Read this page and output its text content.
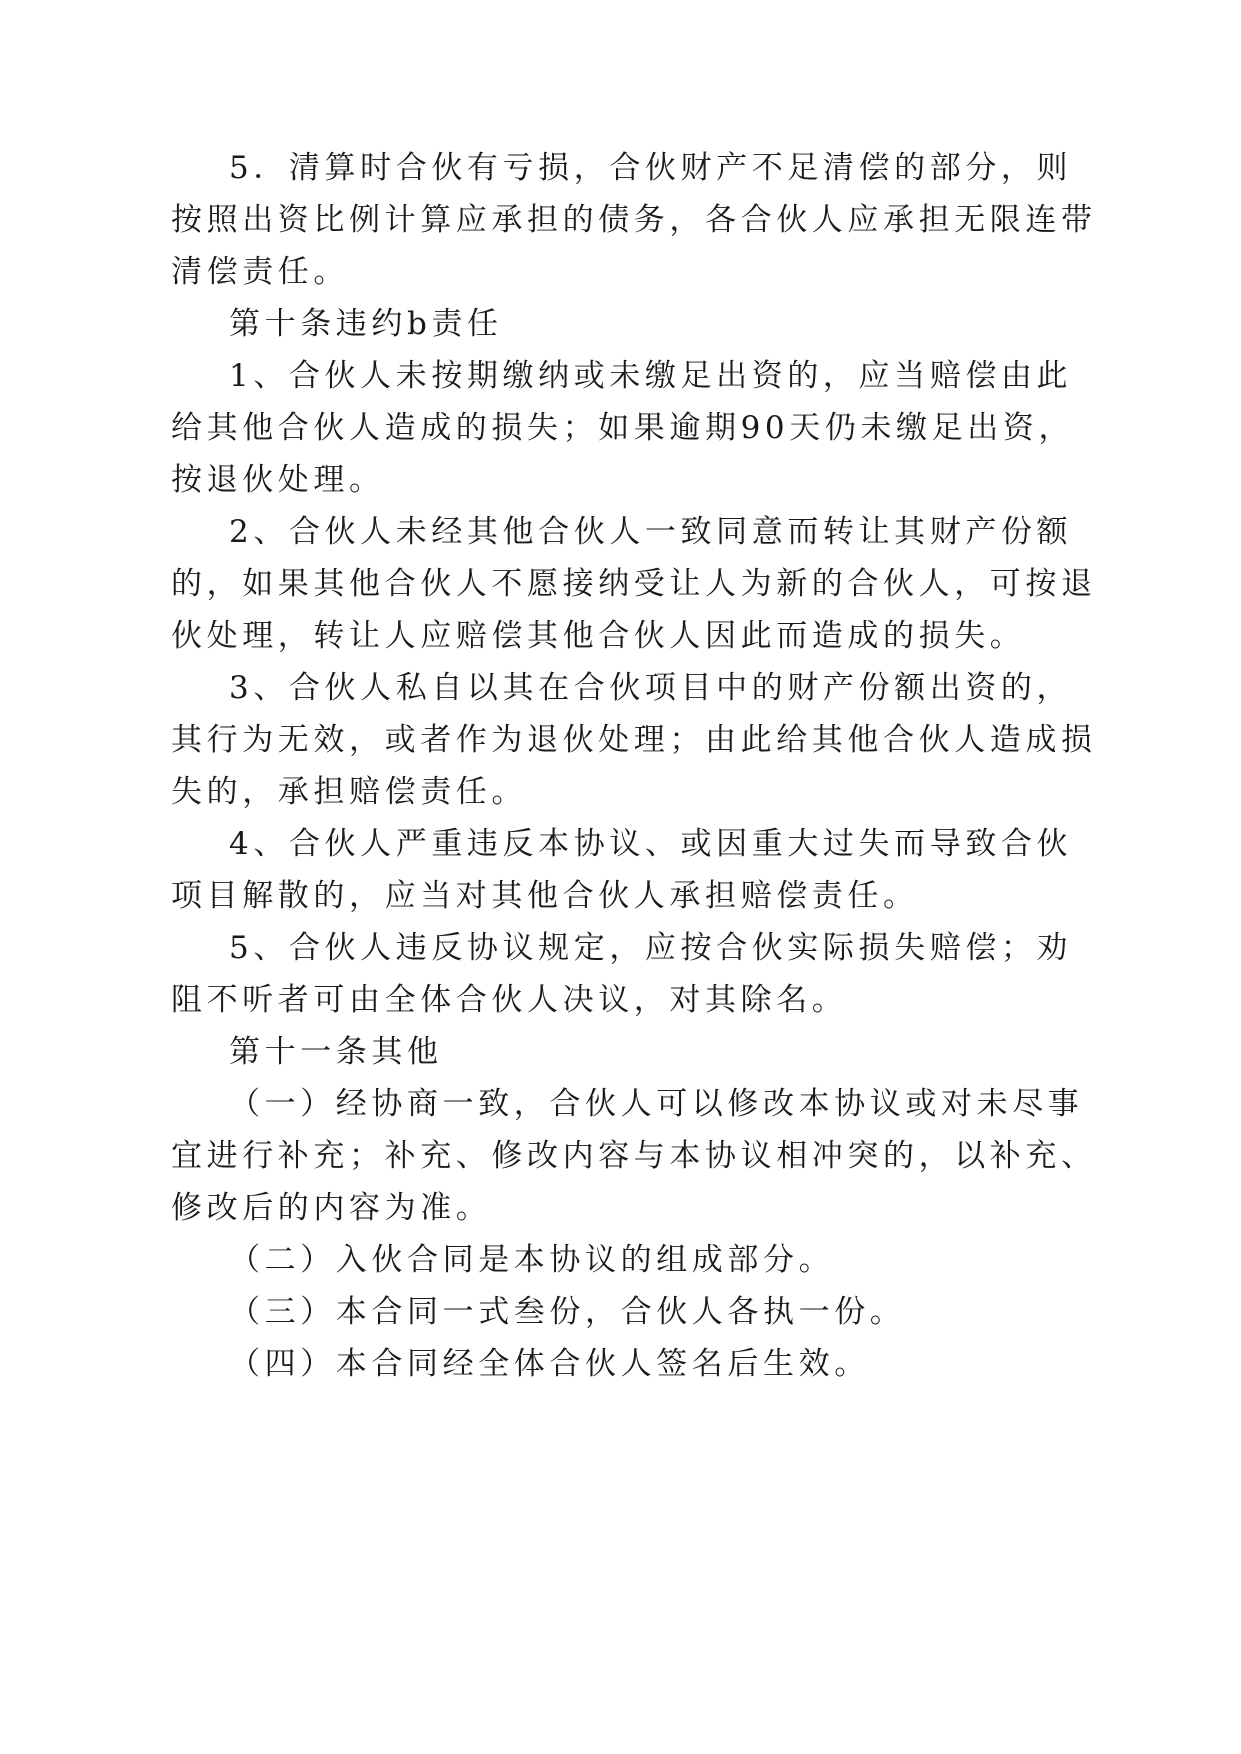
5．清算时合伙有亏损，合伙财产不足清偿的部分，则

按照出资比例计算应承担的债务，各合伙人应承担无限连带

清偿责任。

第十条违约b责任

1、合伙人未按期缴纳或未缴足出资的，应当赔偿由此

给其他合伙人造成的损失；如果逾期90天仍未缴足出资，

按退伙处理。

2、合伙人未经其他合伙人一致同意而转让其财产份额

的，如果其他合伙人不愿接纳受让人为新的合伙人，可按退

伙处理，转让人应赔偿其他合伙人因此而造成的损失。

3、合伙人私自以其在合伙项目中的财产份额出资的，

其行为无效，或者作为退伙处理；由此给其他合伙人造成损

失的，承担赔偿责任。

4、合伙人严重违反本协议、或因重大过失而导致合伙

项目解散的，应当对其他合伙人承担赔偿责任。

5、合伙人违反协议规定，应按合伙实际损失赔偿；劝

阻不听者可由全体合伙人决议，对其除名。

第十一条其他

（一）经协商一致，合伙人可以修改本协议或对未尽事

宜进行补充；补充、修改内容与本协议相冲突的，以补充、

修改后的内容为准。

（二）入伙合同是本协议的组成部分。

（三）本合同一式叁份，合伙人各执一份。

（四）本合同经全体合伙人签名后生效。
